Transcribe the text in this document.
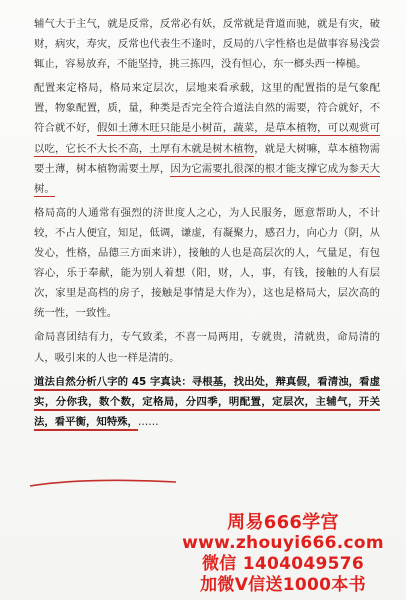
辅气大于主气，就是反常，反常必有妖，反常就是背道而驰，就是有灾，破财，病灾，寿灾，反常也代表生不逢时，反局的八字性格也是做事容易浅尝辄止，容易放弃，不能坚持，挑三拣四，没有恒心，东一榔头西一棒槌。

配置来定格局，格局来定层次，层地来看承载，这里的配置指的是气象配置，物象配置，质，量，种类是否完全符合道法自然的需要，符合就好，不符合就不好，假如土薄木旺只能是小树苗，蔬菜，是草本植物，可以观赏可以吃，它长不大长不高，土厚有木就是树木植物，就是大树嘛，草本植物需要土薄，树本植物需要土厚，因为它需要扎很深的根才能支撑它成为参天大树。

格局高的人通常有强烈的济世度人之心，为人民服务，愿意帮助人，不计较，不占人便宜，知足，低调，谦虚，有凝聚力，感召力，向心力（阴，从发心，性格，品德三方面来讲），接触的人也是高层次的人，气量足，有包容心，乐于奉献，能为别人着想（阳，财，人，事，有钱，接触的人有层次，家里是高档的房子，接触是事情是大作为），这也是格局大，层次高的统一性，一致性。

命局喜团结有力，专气致柔，不喜一局两用，专就贵，清就贵，命局清的人，吸引来的人也一样是清的。

道法自然分析八字的 45 字真诀：寻根基，找出处，辩真假，看清浊，看虚实，分你我，数个数，定格局，分四季，明配置，定层次，主辅气，开关法，看平衡，知特殊，……

周易666学宫
www.zhouyi666.com
微信 1404049576
加微V信送1000本书
